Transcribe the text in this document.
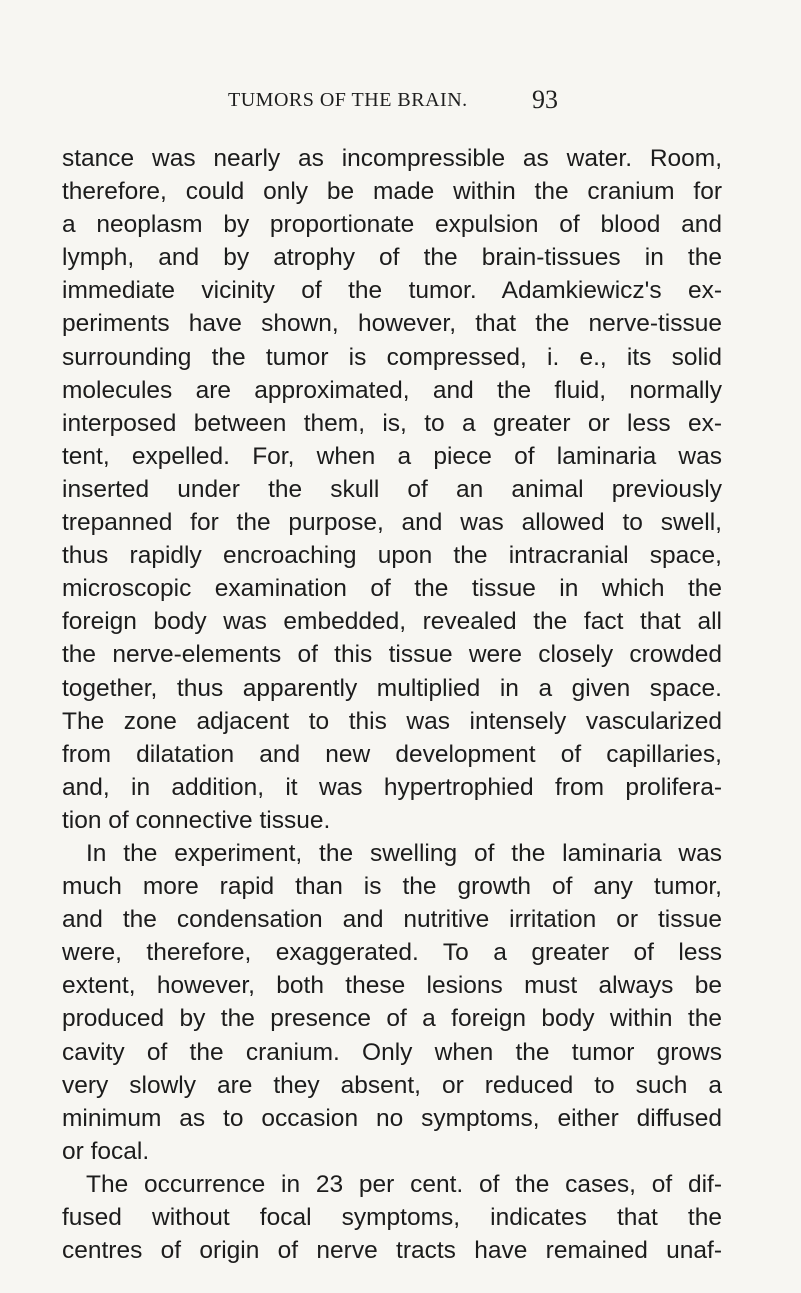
TUMORS OF THE BRAIN. 93
stance was nearly as incompressible as water. Room,
therefore, could only be made within the cranium for
a neoplasm by proportionate expulsion of blood and
lymph, and by atrophy of the brain-tissues in the
immediate vicinity of the tumor. Adamkiewicz's ex-
periments have shown, however, that the nerve-tissue
surrounding the tumor is compressed, i. e., its solid
molecules are approximated, and the fluid, normally
interposed between them, is, to a greater or less ex-
tent, expelled. For, when a piece of laminaria was
inserted under the skull of an animal previously
trepanned for the purpose, and was allowed to swell,
thus rapidly encroaching upon the intracranial space,
microscopic examination of the tissue in which the
foreign body was embedded, revealed the fact that all
the nerve-elements of this tissue were closely crowded
together, thus apparently multiplied in a given space.
The zone adjacent to this was intensely vascularized
from dilatation and new development of capillaries,
and, in addition, it was hypertrophied from prolifera-
tion of connective tissue.
In the experiment, the swelling of the laminaria was
much more rapid than is the growth of any tumor,
and the condensation and nutritive irritation or tissue
were, therefore, exaggerated. To a greater of less
extent, however, both these lesions must always be
produced by the presence of a foreign body within the
cavity of the cranium. Only when the tumor grows
very slowly are they absent, or reduced to such a
minimum as to occasion no symptoms, either diffused
or focal.
The occurrence in 23 per cent. of the cases, of dif-
fused without focal symptoms, indicates that the
centres of origin of nerve tracts have remained unaf-
